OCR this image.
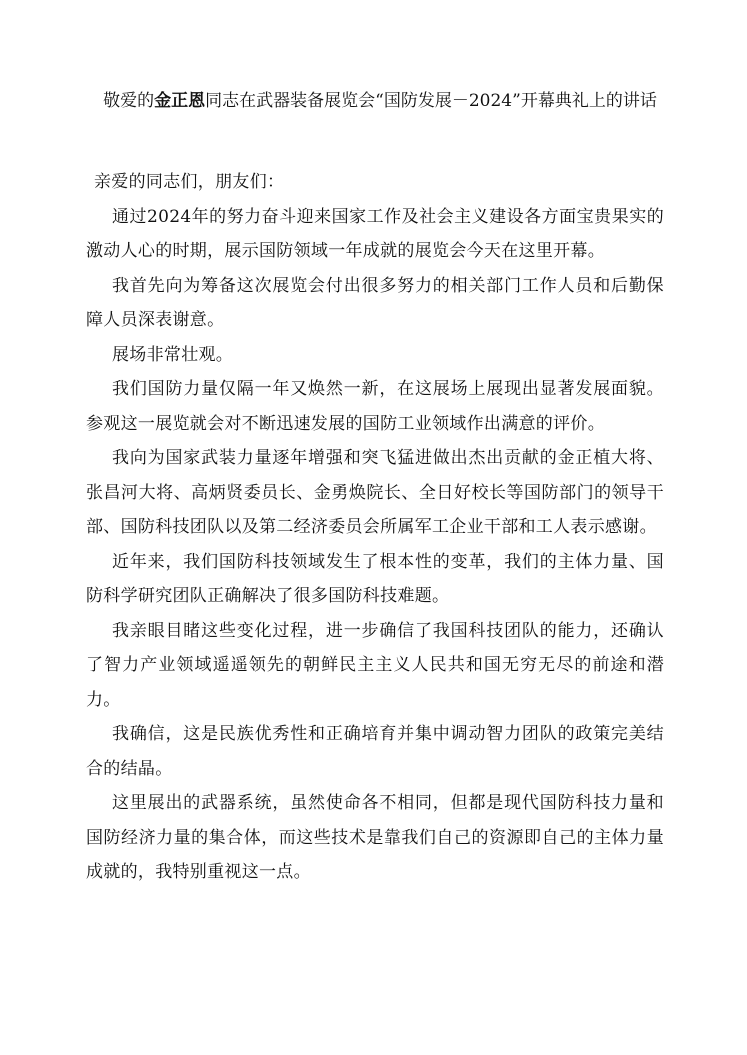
敬爱的金正恩同志在武器装备展览会“国防发展－2024”开幕典礼上的讲话

亲爱的同志们，朋友们：

通过2024年的努力奋斗迎来国家工作及社会主义建设各方面宝贵果实的激动人心的时期，展示国防领域一年成就的展览会今天在这里开幕。

我首先向为筹备这次展览会付出很多努力的相关部门工作人员和后勤保障人员深表谢意。

展场非常壮观。

我们国防力量仅隔一年又焕然一新，在这展场上展现出显著发展面貌。参观这一展览就会对不断迅速发展的国防工业领域作出满意的评价。

我向为国家武装力量逐年增强和突飞猛进做出杰出贡献的金正植大将、张昌河大将、高炳贤委员长、金勇焕院长、全日好校长等国防部门的领导干部、国防科技团队以及第二经济委员会所属军工企业干部和工人表示感谢。

近年来，我们国防科技领域发生了根本性的变革，我们的主体力量、国防科学研究团队正确解决了很多国防科技难题。

我亲眼目睹这些变化过程，进一步确信了我国科技团队的能力，还确认了智力产业领域遥遥领先的朝鲜民主主义人民共和国无穷无尽的前途和潜力。

我确信，这是民族优秀性和正确培育并集中调动智力团队的政策完美结合的结晶。

这里展出的武器系统，虽然使命各不相同，但都是现代国防科技力量和国防经济力量的集合体，而这些技术是靠我们自己的资源即自己的主体力量成就的，我特别重视这一点。
